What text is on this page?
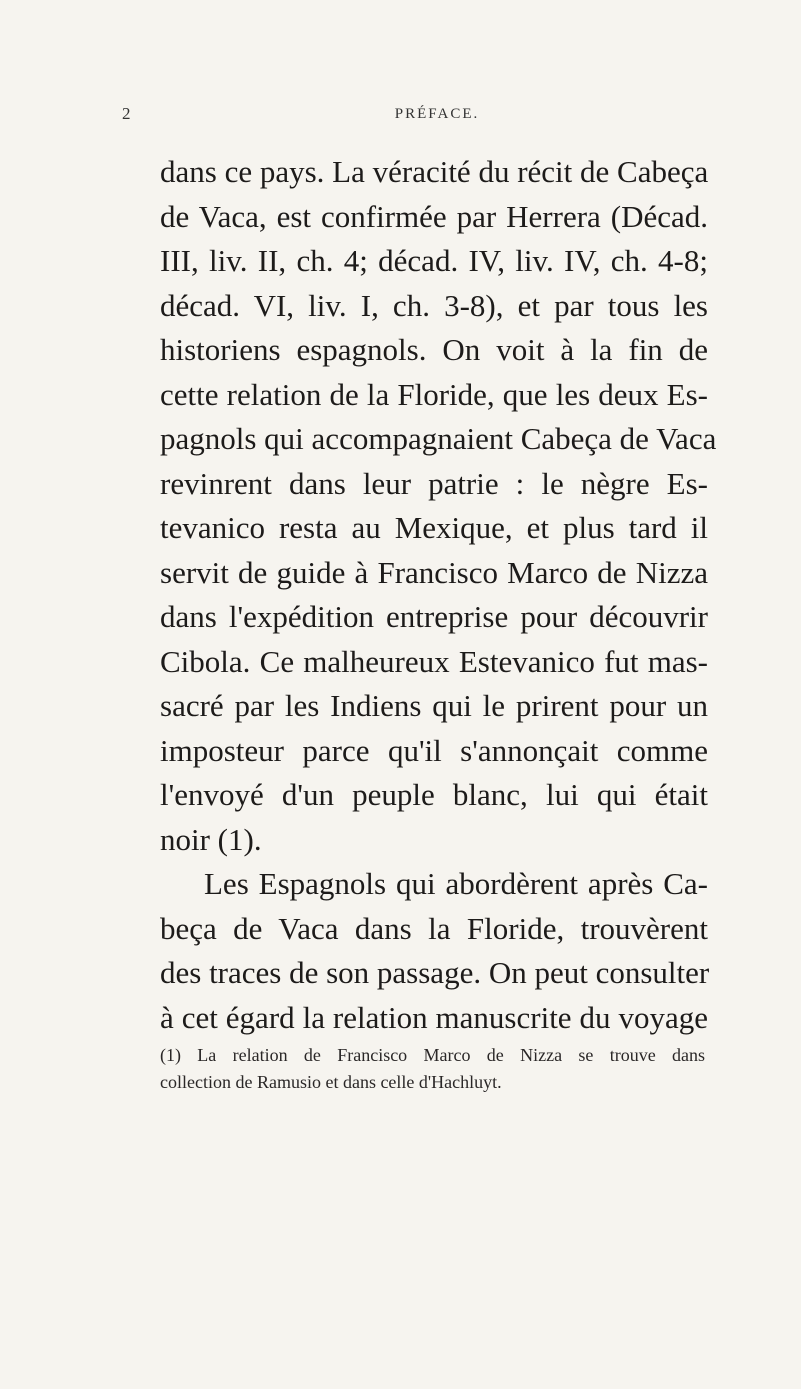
2	PRÉFACE.
dans ce pays. La véracité du récit de Cabeça
de Vaca, est confirmée par Herrera (Décad.
III, liv. II, ch. 4; décad. IV, liv. IV, ch. 4-8;
décad. VI, liv. I, ch. 3-8), et par tous les
historiens espagnols. On voit à la fin de
cette relation de la Floride, que les deux Es-
pagnols qui accompagnaient Cabeça de Vaca
revinrent dans leur patrie : le nègre Es-
tevanico resta au Mexique, et plus tard il
servit de guide à Francisco Marco de Nizza
dans l'expédition entreprise pour découvrir
Cibola. Ce malheureux Estevanico fut mas-
sacré par les Indiens qui le prirent pour un
imposteur parce qu'il s'annonçait comme
l'envoyé d'un peuple blanc, lui qui était
noir (1).
Les Espagnols qui abordèrent après Ca-
beça de Vaca dans la Floride, trouvèrent
des traces de son passage. On peut consulter
à cet égard la relation manuscrite du voyage
(1) La relation de Francisco Marco de Nizza se trouve dans
collection de Ramusio et dans celle d'Hachluyt.
